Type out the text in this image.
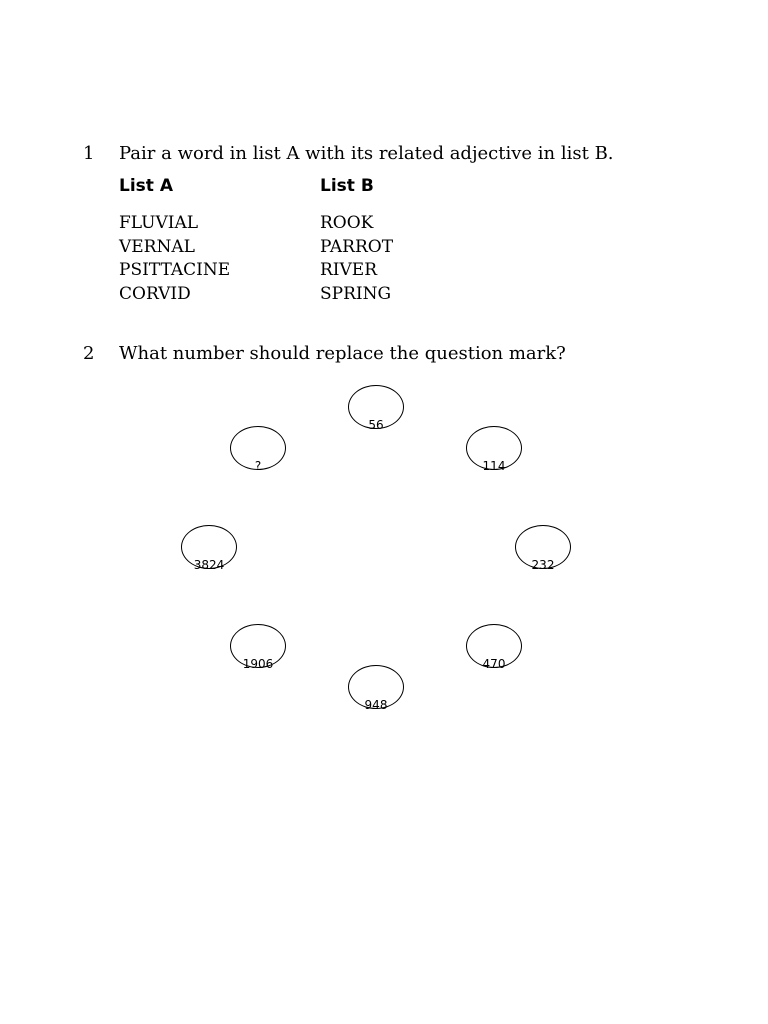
1 Pair a word in list A with its related adjective in list B.
List A	List B
FLUVIAL
VERNAL
PSITTACINE
CORVID
ROOK
PARROT
RIVER
SPRING
2 What number should replace the question mark?
56
114
232
470
948
1906
3824
?
